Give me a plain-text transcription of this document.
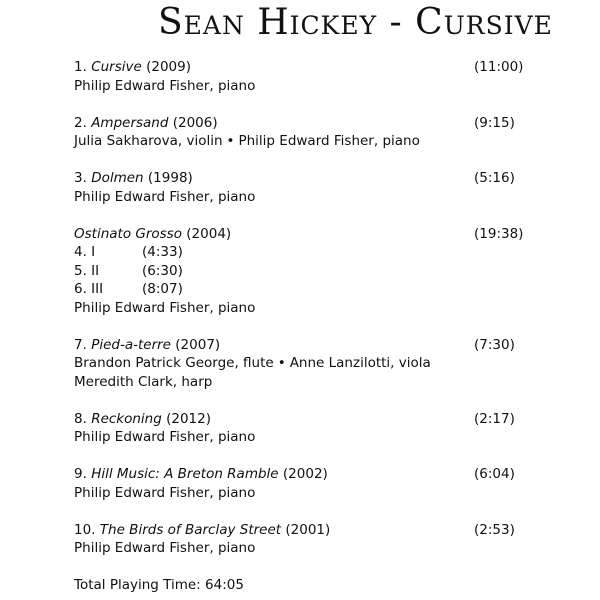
Sean Hickey - Cursive
1. Cursive (2009)	(11:00)
Philip Edward Fisher, piano
2. Ampersand (2006)	(9:15)
Julia Sakharova, violin • Philip Edward Fisher, piano
3. Dolmen (1998)	(5:16)
Philip Edward Fisher, piano
Ostinato Grosso (2004)	(19:38)
4. I	(4:33)
5. II	(6:30)
6. III	(8:07)
Philip Edward Fisher, piano
7. Pied-a-terre (2007)	(7:30)
Brandon Patrick George, flute • Anne Lanzilotti, viola
Meredith Clark, harp
8. Reckoning (2012)	(2:17)
Philip Edward Fisher, piano
9. Hill Music: A Breton Ramble (2002)	(6:04)
Philip Edward Fisher, piano
10. The Birds of Barclay Street (2001)	(2:53)
Philip Edward Fisher, piano
Total Playing Time: 64:05
